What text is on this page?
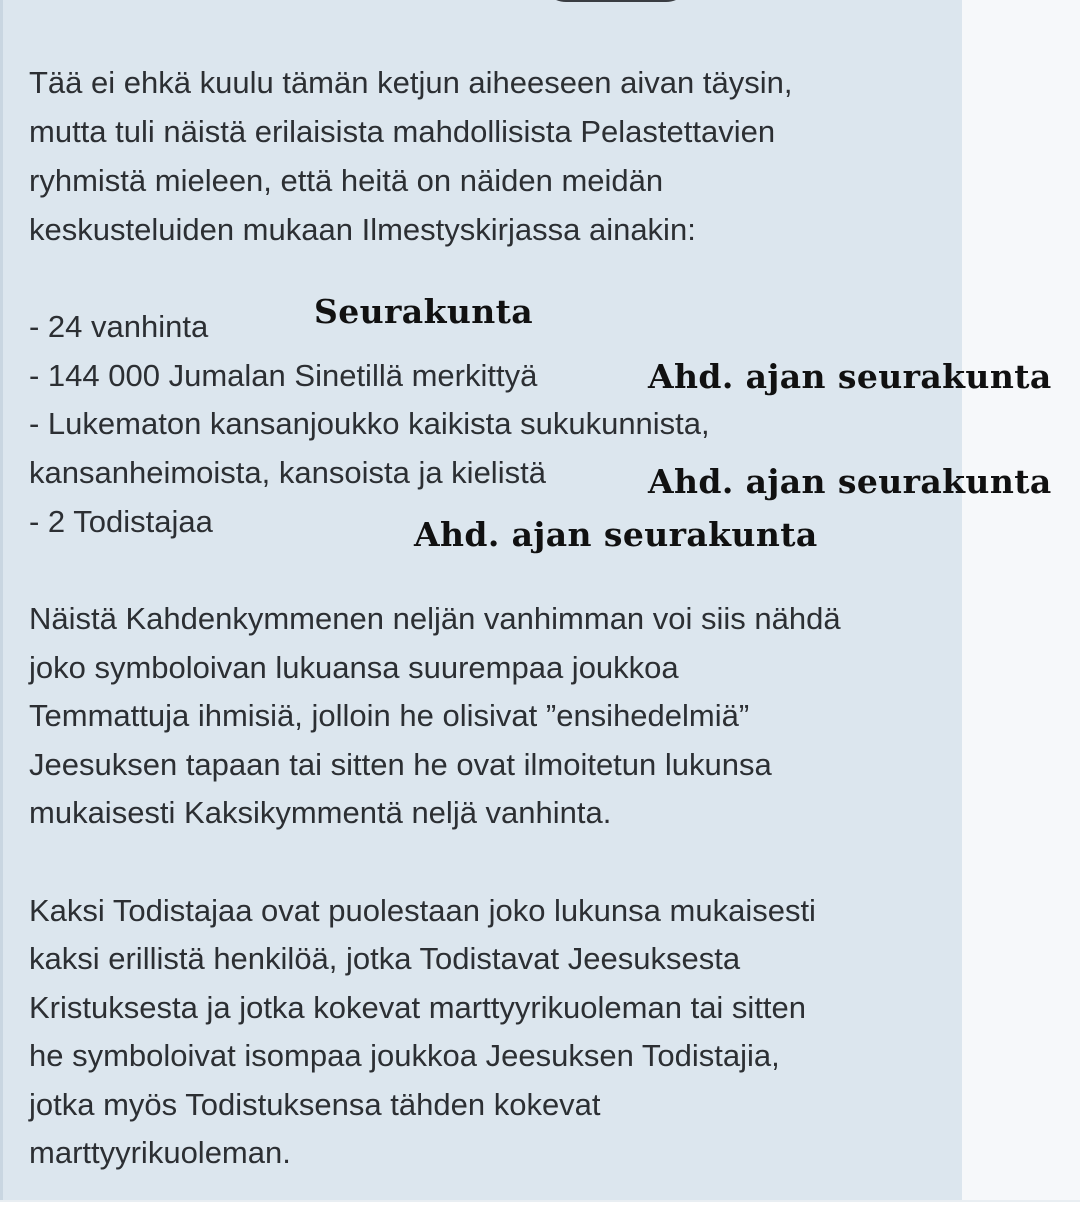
Tää ei ehkä kuulu tämän ketjun aiheeseen aivan täysin,

mutta tuli näistä erilaisista mahdollisista Pelastettavien

ryhmistä mieleen, että heitä on näiden meidän

keskusteluiden mukaan Ilmestyskirjassa ainakin:

- 24 vanhinta

- 144 000 Jumalan Sinetillä merkittyä

- Lukematon kansanjoukko kaikista sukukunnista,

kansanheimoista, kansoista ja kielistä

- 2 Todistajaa

Näistä Kahdenkymmenen neljän vanhimman voi siis nähdä

joko symboloivan lukuansa suurempaa joukkoa

Temmattuja ihmisiä, jolloin he olisivat ”ensihedelmiä”

Jeesuksen tapaan tai sitten he ovat ilmoitetun lukunsa

mukaisesti Kaksikymmentä neljä vanhinta.

Kaksi Todistajaa ovat puolestaan joko lukunsa mukaisesti

kaksi erillistä henkilöä, jotka Todistavat Jeesuksesta

Kristuksesta ja jotka kokevat marttyyrikuoleman tai sitten

he symboloivat isompaa joukkoa Jeesuksen Todistajia,

jotka myös Todistuksensa tähden kokevat

marttyyrikuoleman.

Seurakunta

Ahd. ajan seurakunta

Ahd. ajan seurakunta

Ahd. ajan seurakunta
